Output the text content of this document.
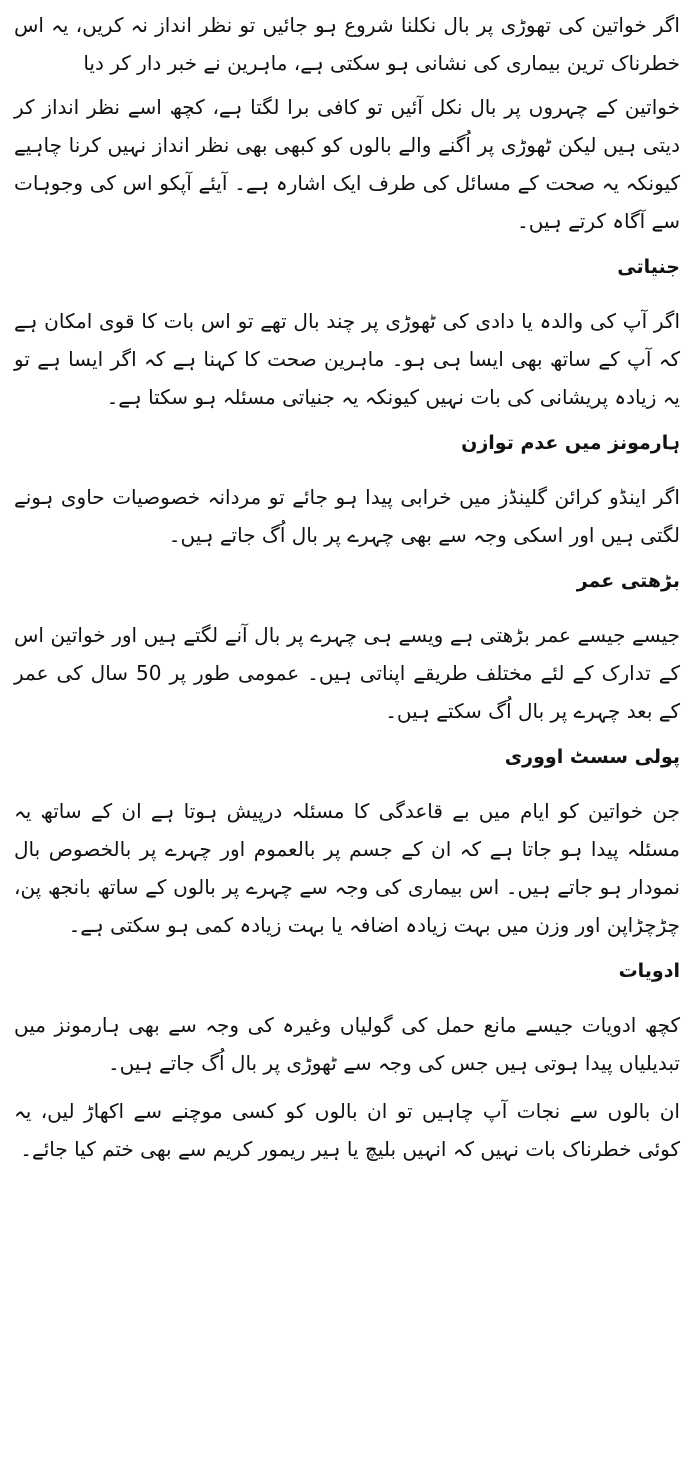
اگر خواتین کی تھوڑی پر بال نکلنا شروع ہو جائیں تو نظر انداز نہ کریں، یہ اس خطرناک ترین بیماری کی نشانی ہو سکتی ہے، ماہرین نے خبر دار کر دیا

خواتین کے چہروں پر بال نکل آئیں تو کافی برا لگتا ہے، کچھ اسے نظر انداز کر دیتی ہیں لیکن ٹھوڑی پر اُگنے والے بالوں کو کبھی بھی نظر انداز نہیں کرنا چاہیے کیونکہ یہ صحت کے مسائل کی طرف ایک اشارہ ہے۔ آیئے آپکو اس کی وجوہات سے آگاہ کرتے ہیں۔

جنیاتی

اگر آپ کی والدہ یا دادی کی ٹھوڑی پر چند بال تھے تو اس بات کا قوی امکان ہے کہ آپ کے ساتھ بھی ایسا ہی ہو۔ ماہرین صحت کا کہنا ہے کہ اگر ایسا ہے تو یہ زیادہ پریشانی کی بات نہیں کیونکہ یہ جنیاتی مسئلہ ہو سکتا ہے۔

ہارمونز میں عدم توازن

اگر اینڈو کرائن گلینڈز میں خرابی پیدا ہو جائے تو مردانہ خصوصیات حاوی ہونے لگتی ہیں اور اسکی وجہ سے بھی چہرے پر بال اُگ جاتے ہیں۔

بڑھتی عمر

جیسے جیسے عمر بڑھتی ہے ویسے ہی چہرے پر بال آنے لگتے ہیں اور خواتین اس کے تدارک کے لئے مختلف طریقے اپناتی ہیں۔ عمومی طور پر 50 سال کی عمر کے بعد چہرے پر بال اُگ سکتے ہیں۔

پولی سسٹ اووری

جن خواتین کو ایام میں بے قاعدگی کا مسئلہ درپیش ہوتا ہے ان کے ساتھ یہ مسئلہ پیدا ہو جاتا ہے کہ ان کے جسم پر بالعموم اور چہرے پر بالخصوص بال نمودار ہو جاتے ہیں۔ اس بیماری کی وجہ سے چہرے پر بالوں کے ساتھ بانجھ پن، چڑچڑاپن اور وزن میں بہت زیادہ اضافہ یا بہت زیادہ کمی ہو سکتی ہے۔

ادویات

کچھ ادویات جیسے مانع حمل کی گولیاں وغیرہ کی وجہ سے بھی ہارمونز میں تبدیلیاں پیدا ہوتی ہیں جس کی وجہ سے ٹھوڑی پر بال اُگ جاتے ہیں۔

ان بالوں سے نجات آپ چاہیں تو ان بالوں کو کسی موچنے سے اکھاڑ لیں، یہ کوئی خطرناک بات نہیں کہ انہیں بلیچ یا ہیر ریمور کریم سے بھی ختم کیا جائے۔
